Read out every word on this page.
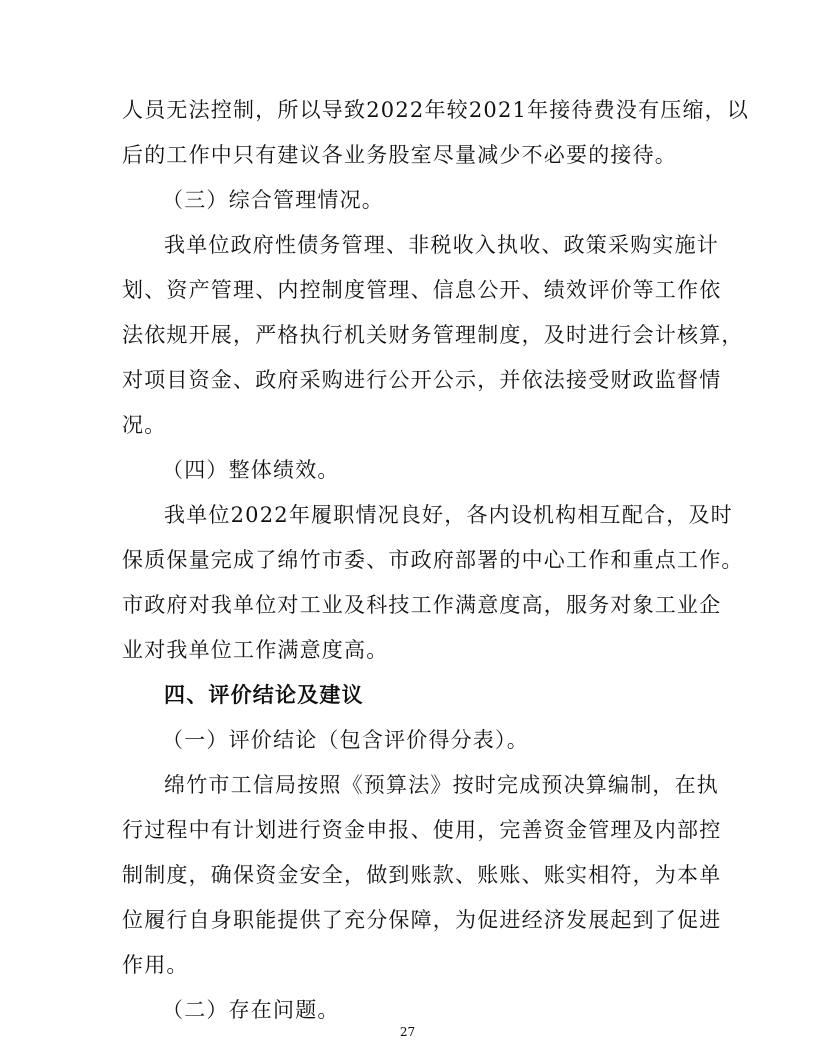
人员无法控制，所以导致2022年较2021年接待费没有压缩，以
后的工作中只有建议各业务股室尽量减少不必要的接待。
（三）综合管理情况。
我单位政府性债务管理、非税收入执收、政策采购实施计
划、资产管理、内控制度管理、信息公开、绩效评价等工作依
法依规开展，严格执行机关财务管理制度，及时进行会计核算，
对项目资金、政府采购进行公开公示，并依法接受财政监督情
况。
（四）整体绩效。
我单位2022年履职情况良好，各内设机构相互配合，及时
保质保量完成了绵竹市委、市政府部署的中心工作和重点工作。
市政府对我单位对工业及科技工作满意度高，服务对象工业企
业对我单位工作满意度高。
四、评价结论及建议
（一）评价结论（包含评价得分表）。
绵竹市工信局按照《预算法》按时完成预决算编制，在执
行过程中有计划进行资金申报、使用，完善资金管理及内部控
制制度，确保资金安全，做到账款、账账、账实相符，为本单
位履行自身职能提供了充分保障，为促进经济发展起到了促进
作用。
（二）存在问题。
27
